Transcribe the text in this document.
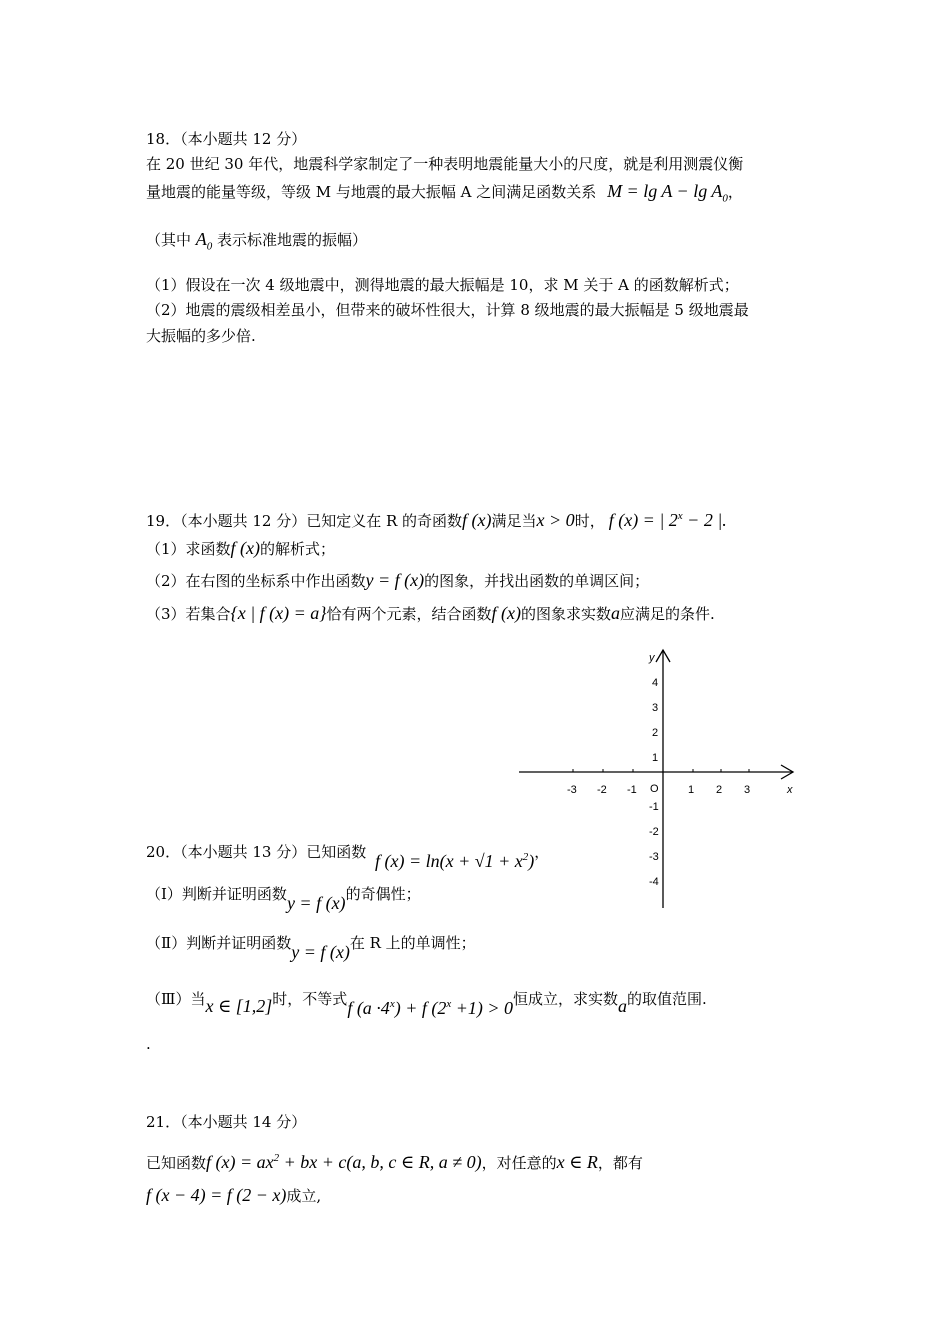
18．（本小题共 12 分）
在 20 世纪 30 年代，地震科学家制定了一种表明地震能量大小的尺度，就是利用测震仪衡
量地震的能量等级，等级 M 与地震的最大振幅 A 之间满足函数关系 $M = \lg A - \lg A_0$，
（其中 $A_0$ 表示标准地震的振幅）
（1）假设在一次 4 级地震中，测得地震的最大振幅是 10，求 M 关于 A 的函数解析式；
（2）地震的震级相差虽小，但带来的破坏性很大，计算 8 级地震的最大振幅是 5 级地震最
大振幅的多少倍.
19．（本小题共 12 分）已知定义在 R 的奇函数f (x)满足当x > 0时， f (x) = | $2^x - 2$ |.
（1）求函数f (x)的解析式；
（2）在右图的坐标系中作出函数y = f (x)的图象，并找出函数的单调区间；
（3）若集合{x | f (x) = a}恰有两个元素，结合函数f (x)的图象求实数a应满足的条件.
y
x
O
4
3
2
1
-1
-2
-3
-4
-3 -2 -1	1 2 3
20．（本小题共 13 分）已知函数 f $(x) = \ln(x + √1 + x^2)$，
（Ⅰ）判断并证明函数y = f (x)的奇偶性；
（Ⅱ）判断并证明函数y = f (x)在 R 上的单调性；
（Ⅲ）当x ∈ [1,2]时，不等式f $(a \cdot 4^x) + f$ $(2^x +1) > 0$恒成立，求实数a的取值范围.
.
21．（本小题共 14 分）
已知函数f $(x) = ax^2$ + bx + c(a, b, c ∈ R, a ≠ 0)，对任意的x ∈ R，都有
f (x − 4) = f (2 − x)成立,
